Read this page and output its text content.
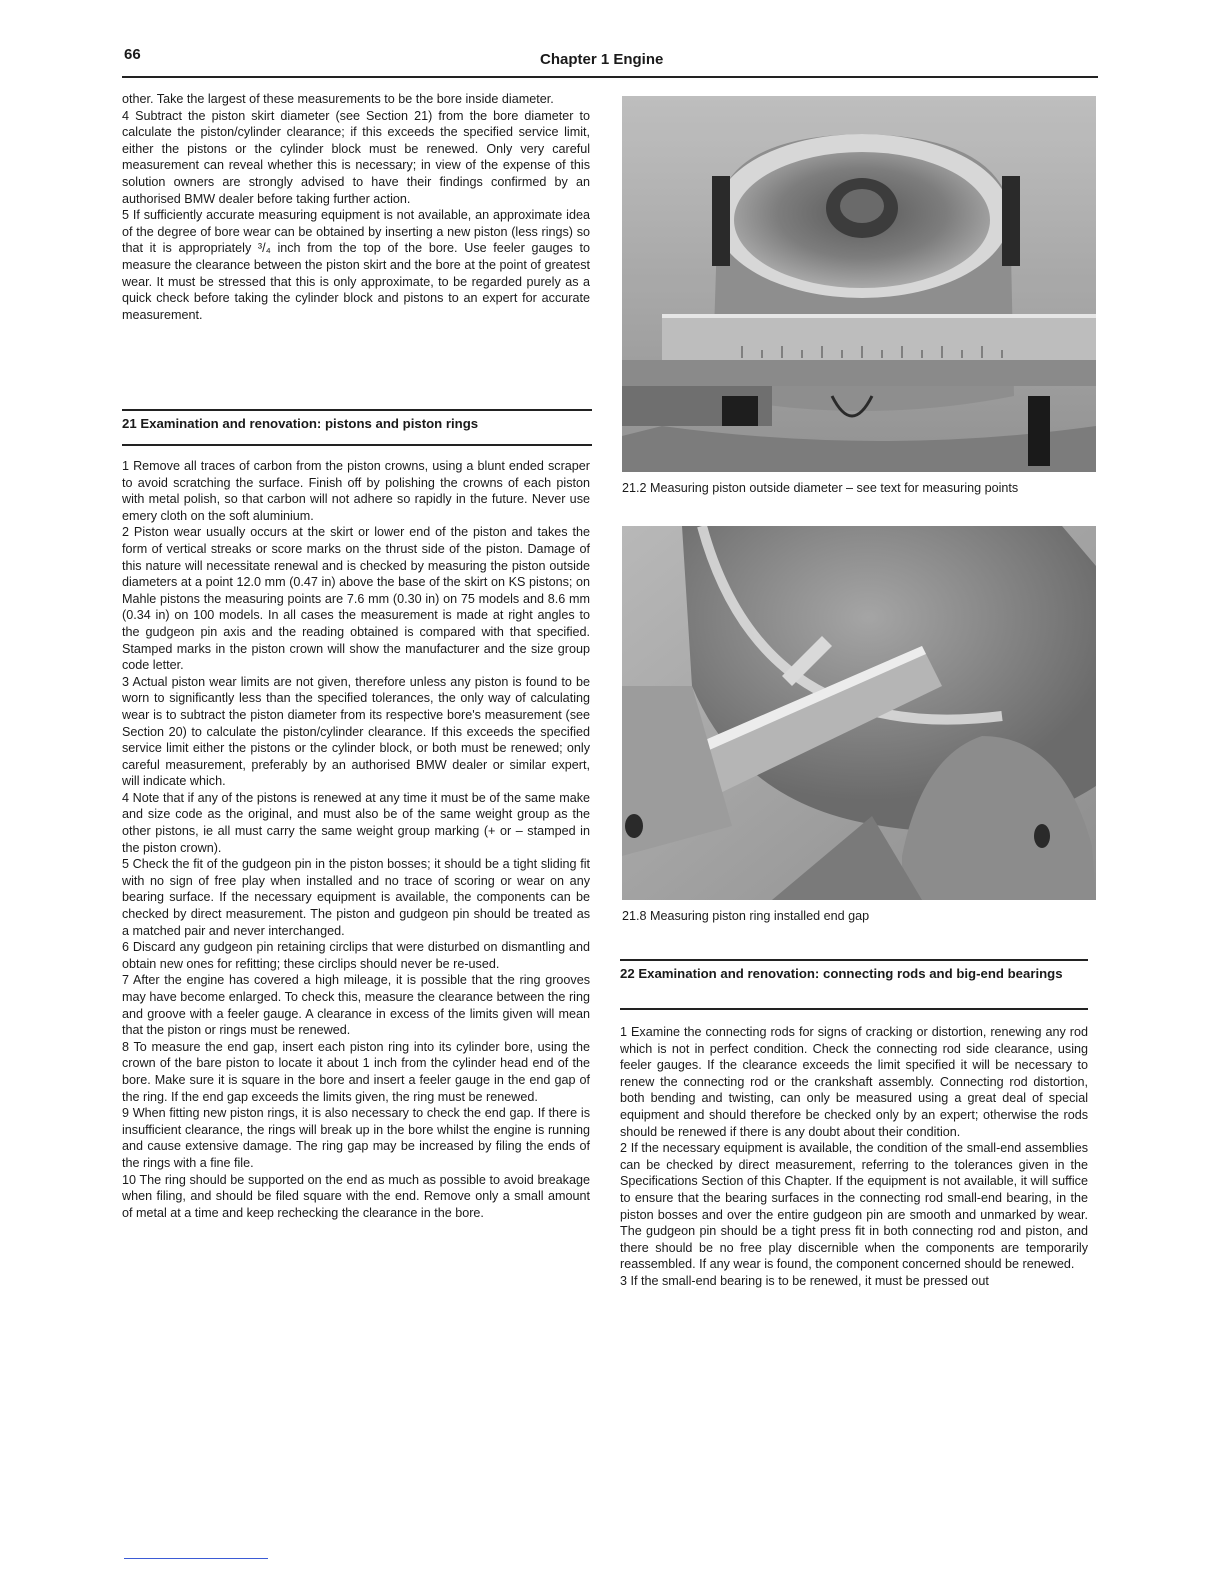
66	Chapter 1 Engine

other. Take the largest of these measurements to be the bore inside diameter.

4 Subtract the piston skirt diameter (see Section 21) from the bore diameter to calculate the piston/cylinder clearance; if this exceeds the specified service limit, either the pistons or the cylinder block must be renewed. Only very careful measurement can reveal whether this is necessary; in view of the expense of this solution owners are strongly advised to have their findings confirmed by an authorised BMW dealer before taking further action.

5 If sufficiently accurate measuring equipment is not available, an approximate idea of the degree of bore wear can be obtained by inserting a new piston (less rings) so that it is appropriately ³/₄ inch from the top of the bore. Use feeler gauges to measure the clearance between the piston skirt and the bore at the point of greatest wear. It must be stressed that this is only approximate, to be regarded purely as a quick check before taking the cylinder block and pistons to an expert for accurate measurement.

21 Examination and renovation: pistons and piston rings

1 Remove all traces of carbon from the piston crowns, using a blunt ended scraper to avoid scratching the surface. Finish off by polishing the crowns of each piston with metal polish, so that carbon will not adhere so rapidly in the future. Never use emery cloth on the soft aluminium.

2 Piston wear usually occurs at the skirt or lower end of the piston and takes the form of vertical streaks or score marks on the thrust side of the piston. Damage of this nature will necessitate renewal and is checked by measuring the piston outside diameters at a point 12.0 mm (0.47 in) above the base of the skirt on KS pistons; on Mahle pistons the measuring points are 7.6 mm (0.30 in) on 75 models and 8.6 mm (0.34 in) on 100 models. In all cases the measurement is made at right angles to the gudgeon pin axis and the reading obtained is compared with that specified. Stamped marks in the piston crown will show the manufacturer and the size group code letter.

3 Actual piston wear limits are not given, therefore unless any piston is found to be worn to significantly less than the specified tolerances, the only way of calculating wear is to subtract the piston diameter from its respective bore's measurement (see Section 20) to calculate the piston/cylinder clearance. If this exceeds the specified service limit either the pistons or the cylinder block, or both must be renewed; only careful measurement, preferably by an authorised BMW dealer or similar expert, will indicate which.

4 Note that if any of the pistons is renewed at any time it must be of the same make and size code as the original, and must also be of the same weight group as the other pistons, ie all must carry the same weight group marking (+ or – stamped in the piston crown).

5 Check the fit of the gudgeon pin in the piston bosses; it should be a tight sliding fit with no sign of free play when installed and no trace of scoring or wear on any bearing surface. If the necessary equipment is available, the components can be checked by direct measurement. The piston and gudgeon pin should be treated as a matched pair and never interchanged.

6 Discard any gudgeon pin retaining circlips that were disturbed on dismantling and obtain new ones for refitting; these circlips should never be re-used.

7 After the engine has covered a high mileage, it is possible that the ring grooves may have become enlarged. To check this, measure the clearance between the ring and groove with a feeler gauge. A clearance in excess of the limits given will mean that the piston or rings must be renewed.

8 To measure the end gap, insert each piston ring into its cylinder bore, using the crown of the bare piston to locate it about 1 inch from the cylinder head end of the bore. Make sure it is square in the bore and insert a feeler gauge in the end gap of the ring. If the end gap exceeds the limits given, the ring must be renewed.

9 When fitting new piston rings, it is also necessary to check the end gap. If there is insufficient clearance, the rings will break up in the bore whilst the engine is running and cause extensive damage. The ring gap may be increased by filing the ends of the rings with a fine file.

10 The ring should be supported on the end as much as possible to avoid breakage when filing, and should be filed square with the end. Remove only a small amount of metal at a time and keep rechecking the clearance in the bore.

21.2 Measuring piston outside diameter – see text for measuring points
21.8 Measuring piston ring installed end gap
22 Examination and renovation: connecting rods and big-end bearings

1 Examine the connecting rods for signs of cracking or distortion, renewing any rod which is not in perfect condition. Check the connecting rod side clearance, using feeler gauges. If the clearance exceeds the limit specified it will be necessary to renew the connecting rod or the crankshaft assembly. Connecting rod distortion, both bending and twisting, can only be measured using a great deal of special equipment and should therefore be checked only by an expert; otherwise the rods should be renewed if there is any doubt about their condition.

2 If the necessary equipment is available, the condition of the small-end assemblies can be checked by direct measurement, referring to the tolerances given in the Specifications Section of this Chapter. If the equipment is not available, it will suffice to ensure that the bearing surfaces in the connecting rod small-end bearing, in the piston bosses and over the entire gudgeon pin are smooth and unmarked by wear. The gudgeon pin should be a tight press fit in both connecting rod and piston, and there should be no free play discernible when the components are temporarily reassembled. If any wear is found, the component concerned should be renewed.

3 If the small-end bearing is to be renewed, it must be pressed out
